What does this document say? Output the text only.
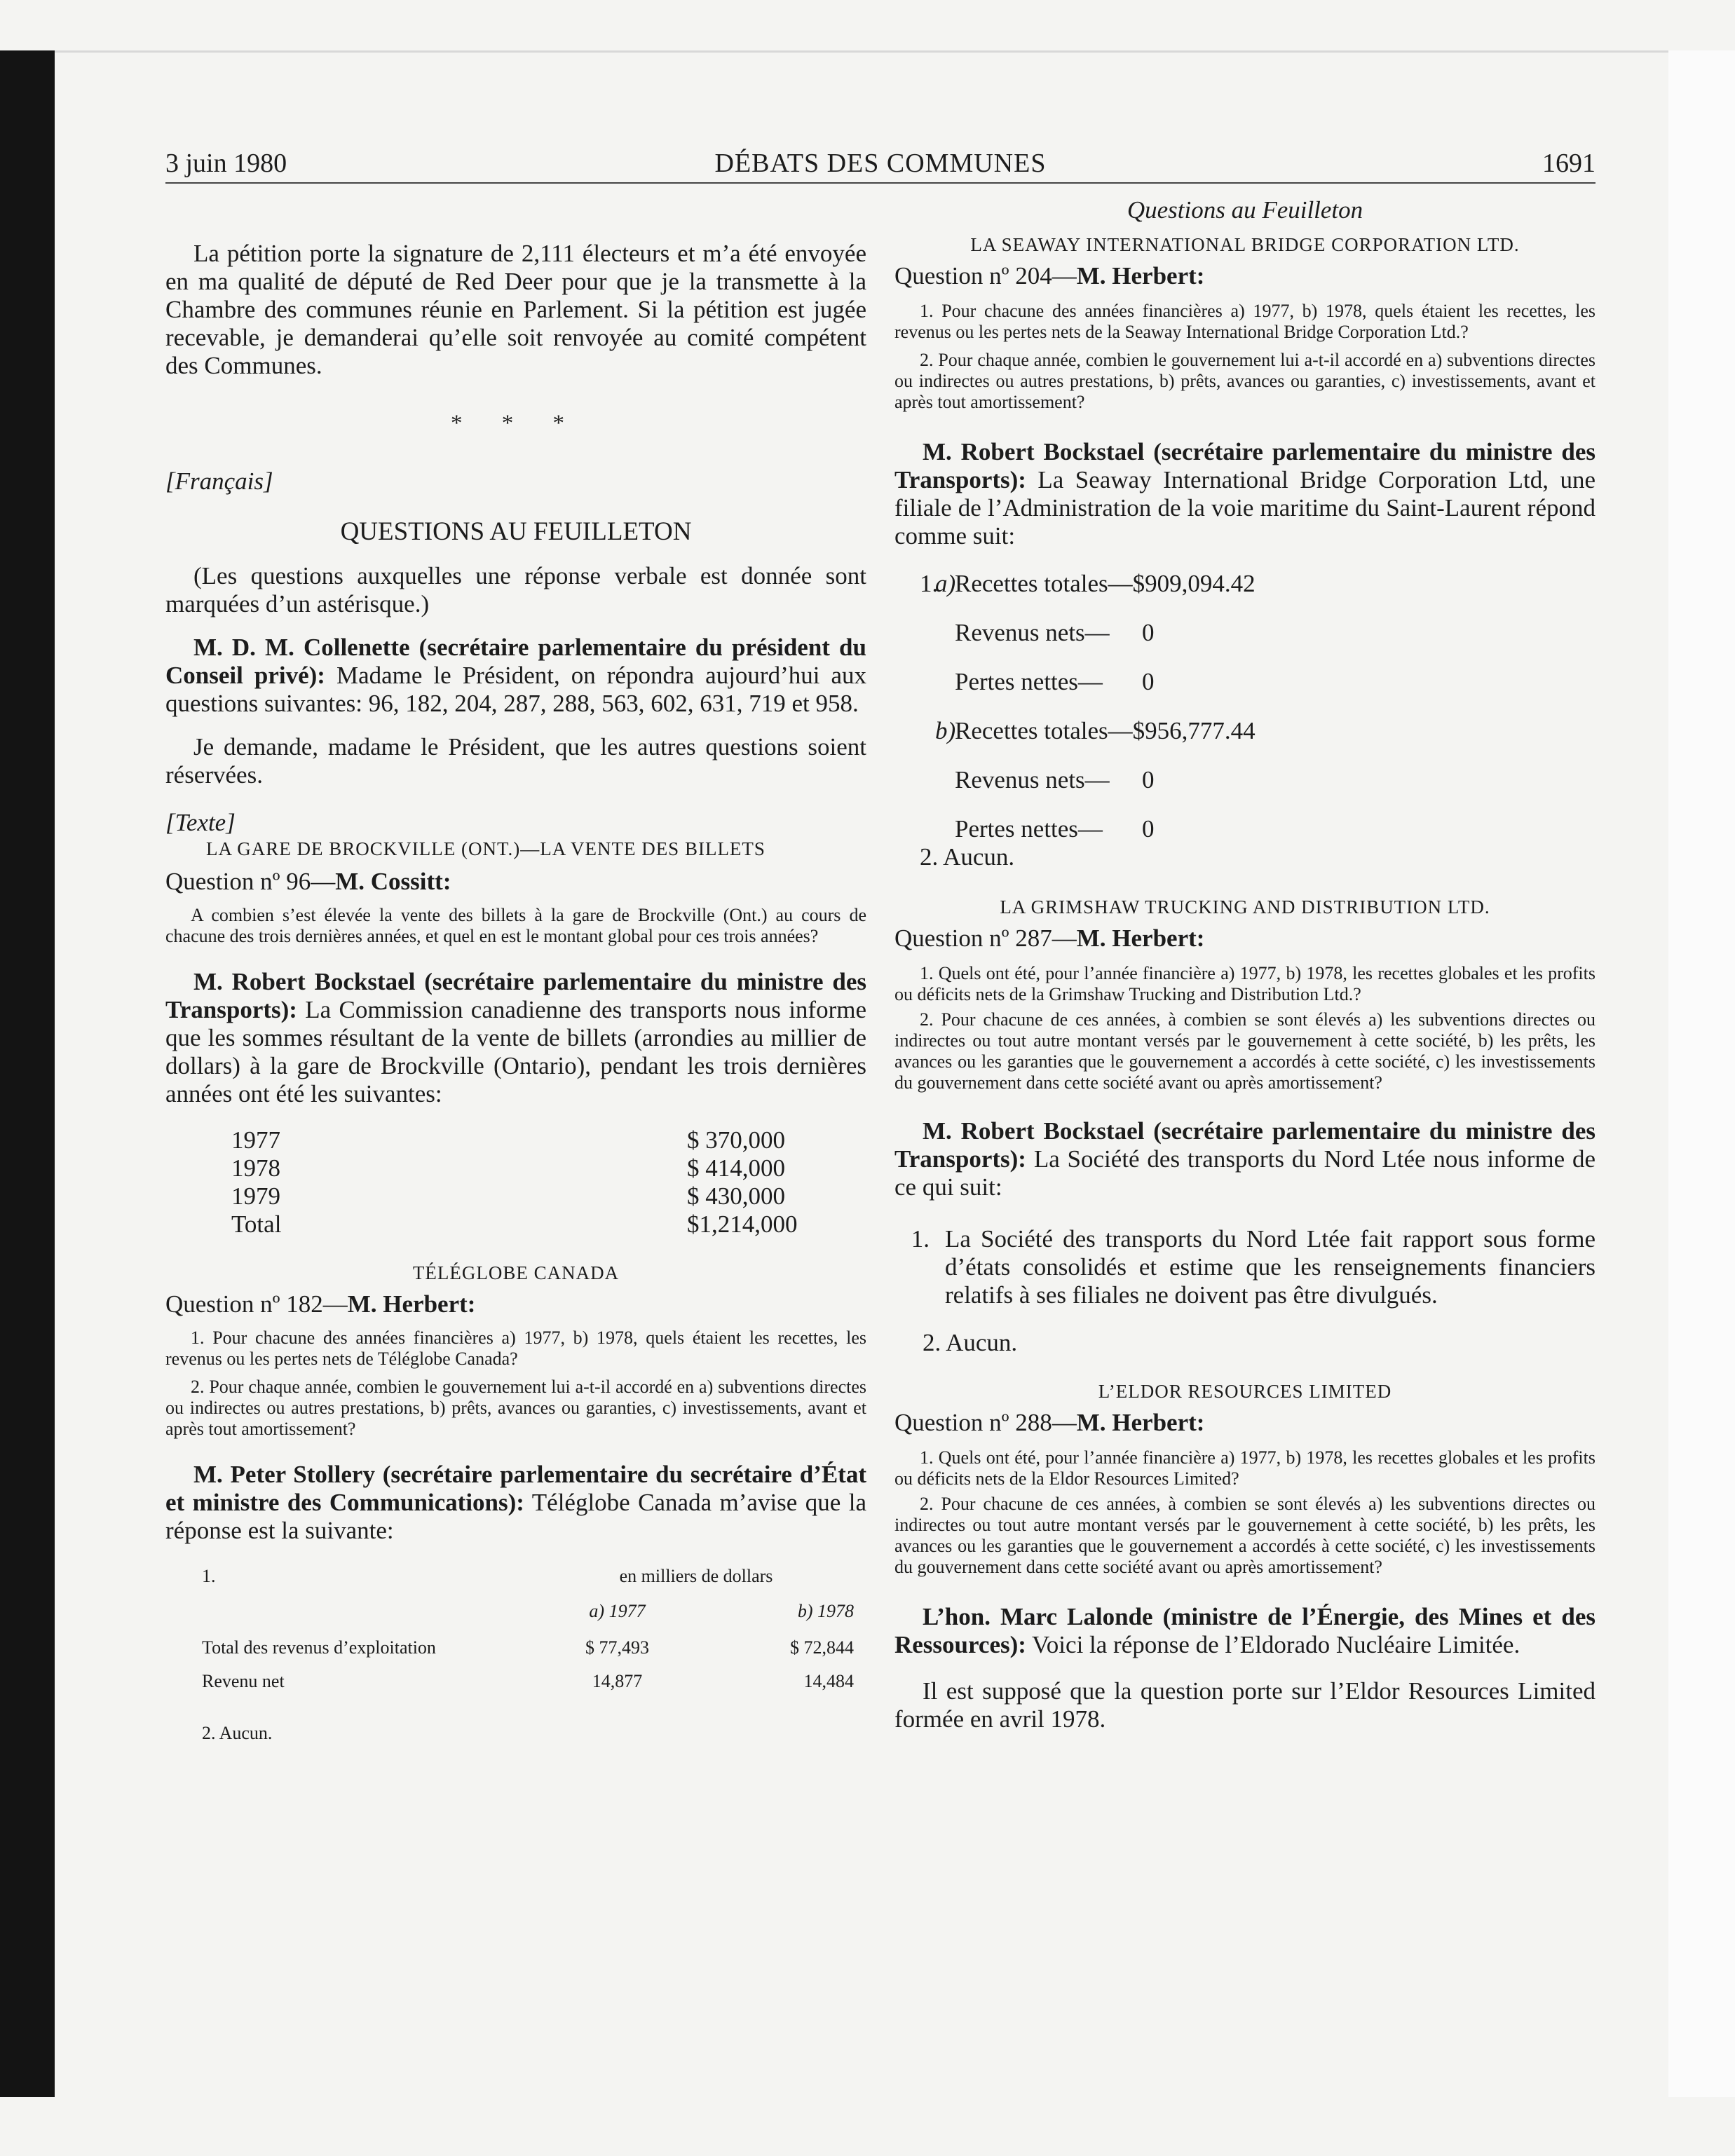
3 juin 1980	DÉBATS DES COMMUNES	1691

La pétition porte la signature de 2,111 électeurs et m’a été envoyée en ma qualité de député de Red Deer pour que je la transmette à la Chambre des communes réunie en Parlement. Si la pétition est jugée recevable, je demanderai qu’elle soit renvoyée au comité compétent des Communes.

* * *

[Français]

QUESTIONS AU FEUILLETON

(Les questions auxquelles une réponse verbale est donnée sont marquées d’un astérisque.)

M. D. M. Collenette (secrétaire parlementaire du président du Conseil privé): Madame le Président, on répondra aujourd’hui aux questions suivantes: 96, 182, 204, 287, 288, 563, 602, 631, 719 et 958.

Je demande, madame le Président, que les autres questions soient réservées.

[Texte]

LA GARE DE BROCKVILLE (ONT.)—LA VENTE DES BILLETS

Question nº 96—M. Cossitt:

A combien s’est élevée la vente des billets à la gare de Brockville (Ont.) au cours de chacune des trois dernières années, et quel en est le montant global pour ces trois années?

M. Robert Bockstael (secrétaire parlementaire du ministre des Transports): La Commission canadienne des transports nous informe que les sommes résultant de la vente de billets (arrondies au millier de dollars) à la gare de Brockville (Ontario), pendant les trois dernières années ont été les suivantes:

1977	$ 370,000
1978	$ 414,000
1979	$ 430,000
Total	$1,214,000

TÉLÉGLOBE CANADA

Question nº 182—M. Herbert:

1. Pour chacune des années financières a) 1977, b) 1978, quels étaient les recettes, les revenus ou les pertes nets de Téléglobe Canada?

2. Pour chaque année, combien le gouvernement lui a-t-il accordé en a) subventions directes ou indirectes ou autres prestations, b) prêts, avances ou garanties, c) investissements, avant et après tout amortissement?

M. Peter Stollery (secrétaire parlementaire du secrétaire d’État et ministre des Communications): Téléglobe Canada m’avise que la réponse est la suivante:

1.	en milliers de dollars	
	a) 1977	b) 1978
Total des revenus d’exploitation	$ 77,493	$ 72,844
Revenu net	14,877	14,484

2. Aucun.

Questions au Feuilleton

LA SEAWAY INTERNATIONAL BRIDGE CORPORATION LTD.

Question nº 204—M. Herbert:

1. Pour chacune des années financières a) 1977, b) 1978, quels étaient les recettes, les revenus ou les pertes nets de la Seaway International Bridge Corporation Ltd.?

2. Pour chaque année, combien le gouvernement lui a-t-il accordé en a) subventions directes ou indirectes ou autres prestations, b) prêts, avances ou garanties, c) investissements, avant et après tout amortissement?

M. Robert Bockstael (secrétaire parlementaire du ministre des Transports): La Seaway International Bridge Corporation Ltd, une filiale de l’Administration de la voie maritime du Saint-Laurent répond comme suit:

1.
a)
Recettes totales—$909,094.42
Revenus nets— 0
Pertes nettes— 0
b)
Recettes totales—$956,777.44
Revenus nets— 0
Pertes nettes— 0

2. Aucun.

LA GRIMSHAW TRUCKING AND DISTRIBUTION LTD.

Question nº 287—M. Herbert:

1. Quels ont été, pour l’année financière a) 1977, b) 1978, les recettes globales et les profits ou déficits nets de la Grimshaw Trucking and Distribution Ltd.?

2. Pour chacune de ces années, à combien se sont élevés a) les subventions directes ou indirectes ou tout autre montant versés par le gouvernement à cette société, b) les prêts, les avances ou les garanties que le gouvernement a accordés à cette société, c) les investissements du gouvernement dans cette société avant ou après amortissement?

M. Robert Bockstael (secrétaire parlementaire du ministre des Transports): La Société des transports du Nord Ltée nous informe de ce qui suit:

1. La Société des transports du Nord Ltée fait rapport sous forme d’états consolidés et estime que les renseignements financiers relatifs à ses filiales ne doivent pas être divulgués.

2. Aucun.

L’ELDOR RESOURCES LIMITED

Question nº 288—M. Herbert:

1. Quels ont été, pour l’année financière a) 1977, b) 1978, les recettes globales et les profits ou déficits nets de la Eldor Resources Limited?

2. Pour chacune de ces années, à combien se sont élevés a) les subventions directes ou indirectes ou tout autre montant versés par le gouvernement à cette société, b) les prêts, les avances ou les garanties que le gouvernement a accordés à cette société, c) les investissements du gouvernement dans cette société avant ou après amortissement?

L’hon. Marc Lalonde (ministre de l’Énergie, des Mines et des Ressources): Voici la réponse de l’Eldorado Nucléaire Limitée.

Il est supposé que la question porte sur l’Eldor Resources Limited formée en avril 1978.
